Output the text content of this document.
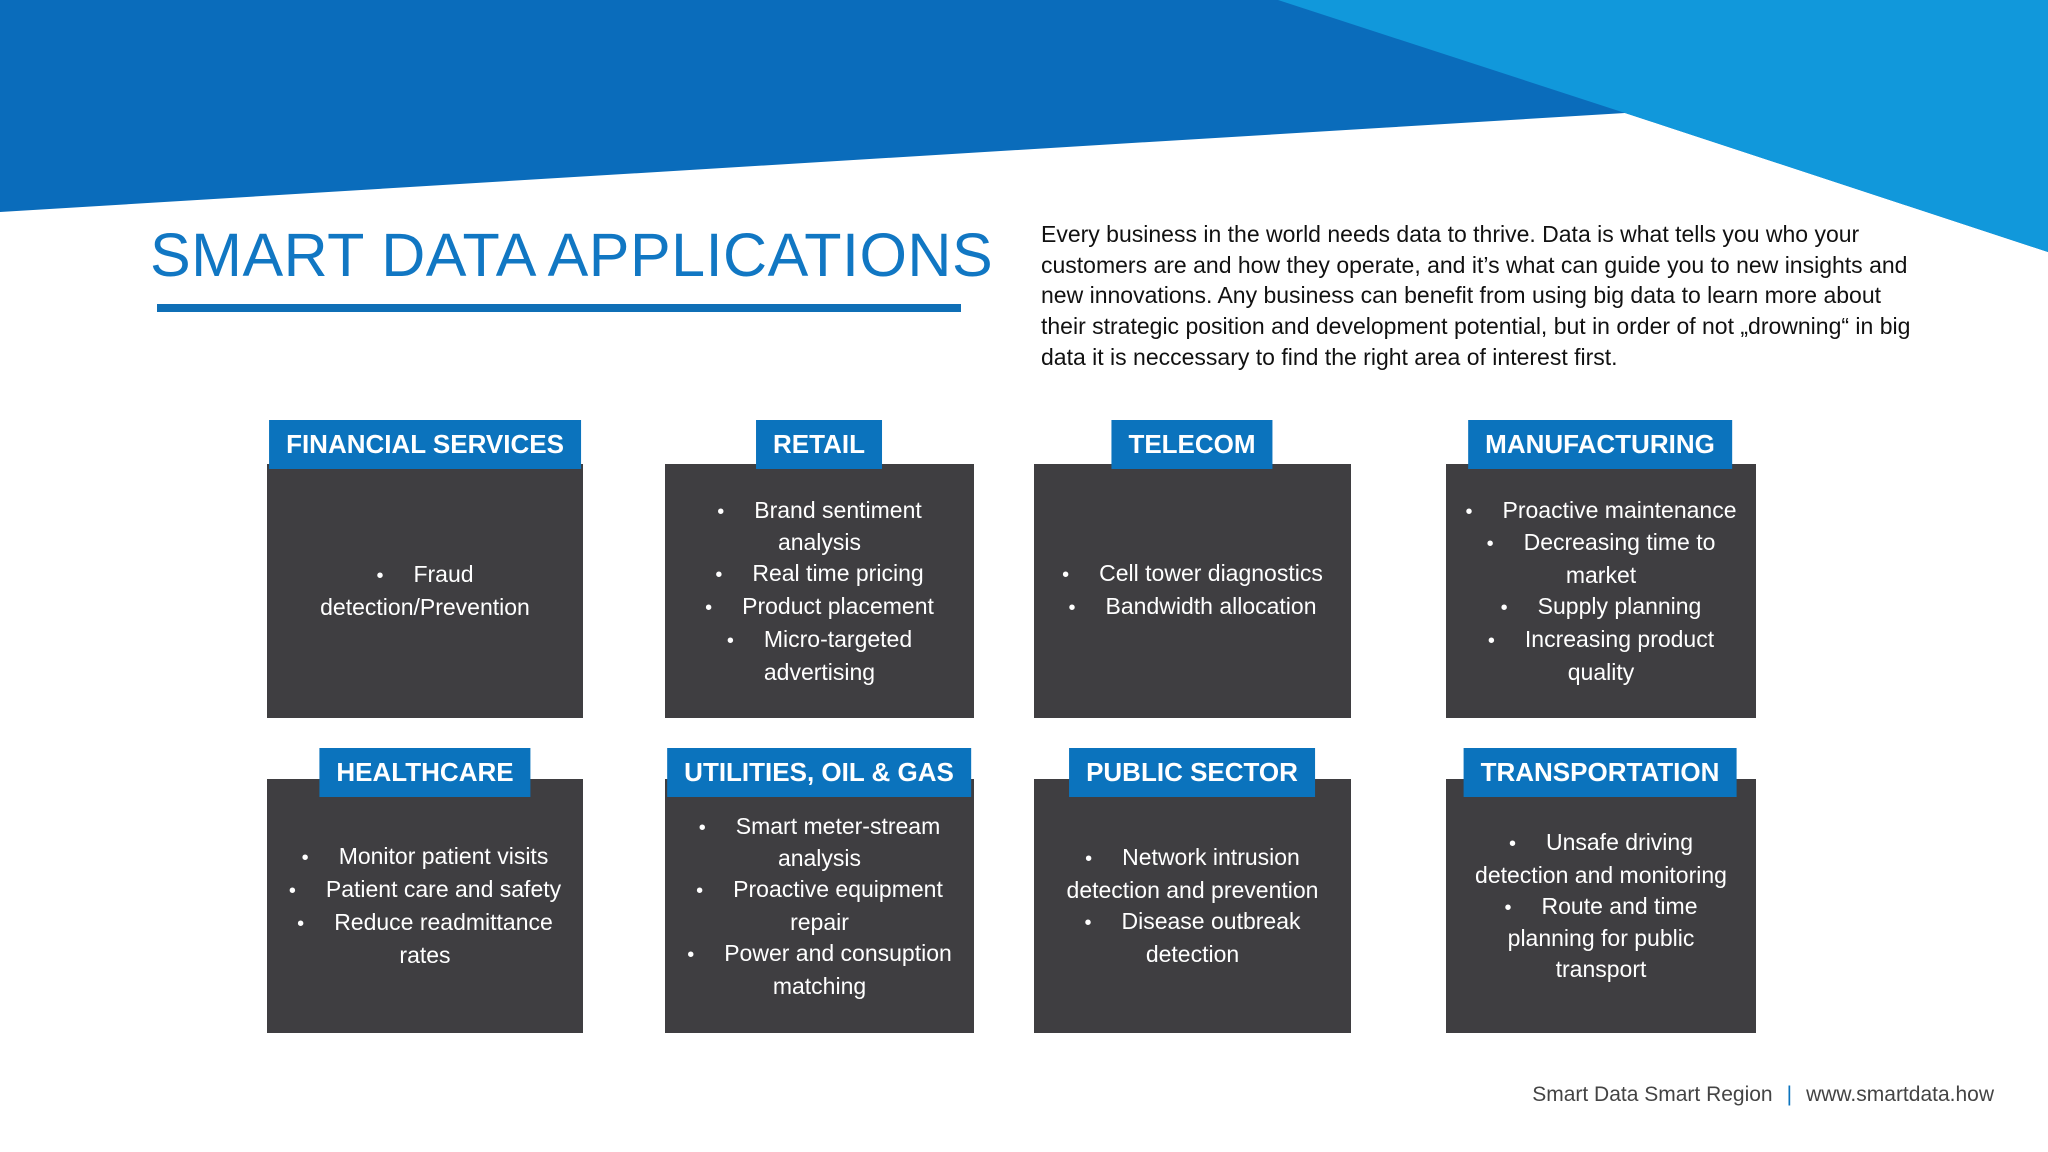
SMART DATA APPLICATIONS Every business in the world needs data to thrive. Data is what tells you who your customers are and how they operate, and it’s what can guide you to new insights and new innovations. Any business can benefit from using big data to learn more about their strategic position and development potential, but in order of not „drowning“ in big data it is neccessary to find the right area of interest first.
• Fraud detection/Prevention
FINANCIAL SERVICES
• Brand sentiment analysis
• Real time pricing
• Product placement
• Micro-targeted advertising
RETAIL
• Cell tower diagnostics
• Bandwidth allocation
TELECOM
• Proactive maintenance
• Decreasing time to market
• Supply planning
• Increasing product quality
MANUFACTURING
• Monitor patient visits
• Patient care and safety
• Reduce readmittance rates
HEALTHCARE
• Smart meter-stream analysis
• Proactive equipment repair
• Power and consuption matching
UTILITIES, OIL & GAS
• Network intrusion detection and prevention
• Disease outbreak detection
PUBLIC SECTOR
• Unsafe driving detection and monitoring
• Route and time planning for public transport
TRANSPORTATION
Smart Data Smart Region | www.smartdata.how
